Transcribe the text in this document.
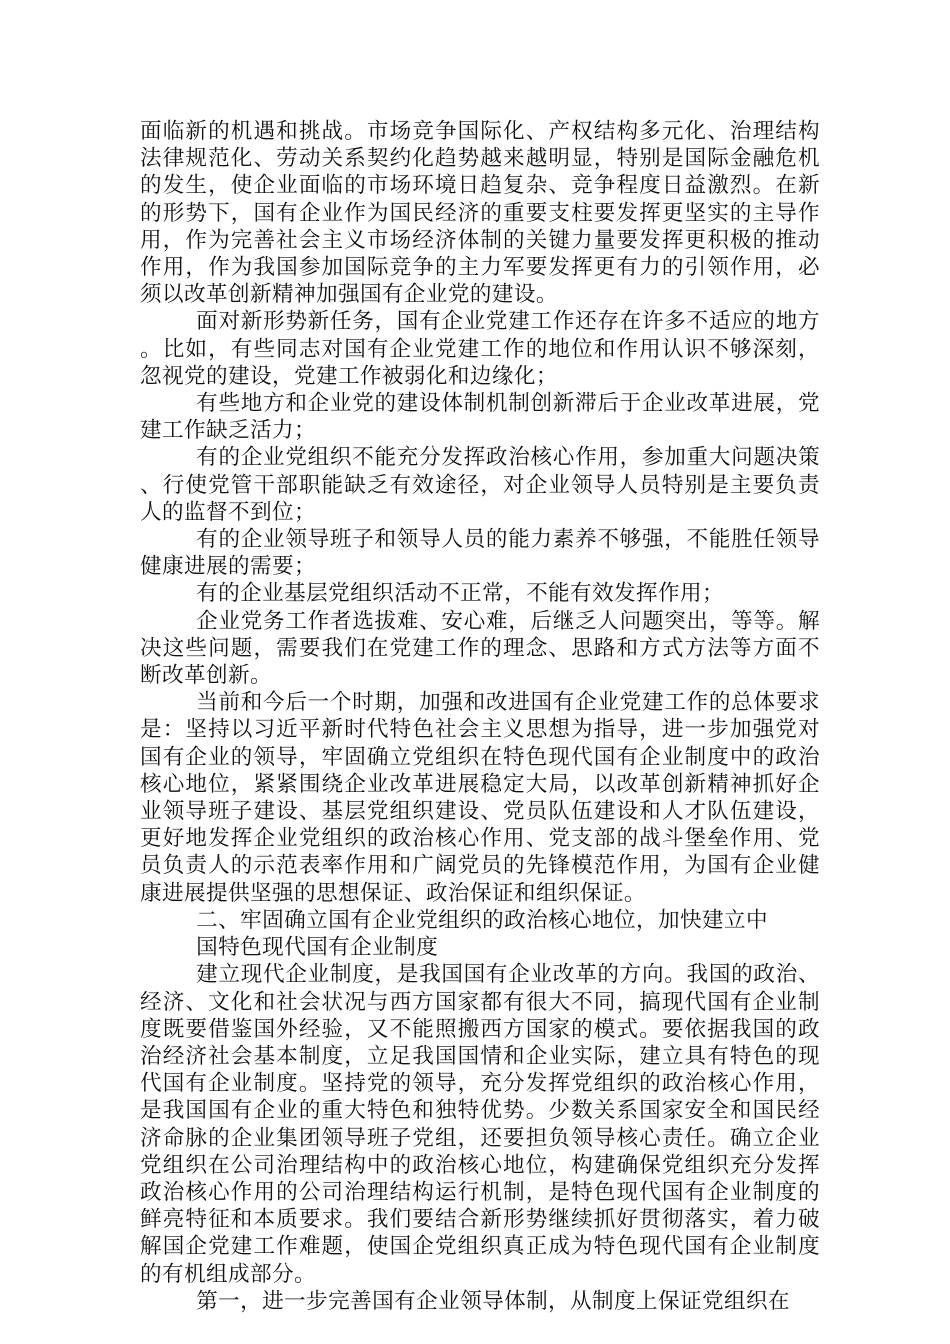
面临新的机遇和挑战。市场竞争国际化、产权结构多元化、治理结构法律规范化、劳动关系契约化趋势越来越明显，特别是国际金融危机的发生，使企业面临的市场环境日趋复杂、竞争程度日益激烈。在新的形势下，国有企业作为国民经济的重要支柱要发挥更坚实的主导作用，作为完善社会主义市场经济体制的关键力量要发挥更积极的推动作用，作为我国参加国际竞争的主力军要发挥更有力的引领作用，必须以改革创新精神加强国有企业党的建设。

面对新形势新任务，国有企业党建工作还存在许多不适应的地方。比如，有些同志对国有企业党建工作的地位和作用认识不够深刻，忽视党的建设，党建工作被弱化和边缘化；

有些地方和企业党的建设体制机制创新滞后于企业改革进展，党建工作缺乏活力；

有的企业党组织不能充分发挥政治核心作用，参加重大问题决策、行使党管干部职能缺乏有效途径，对企业领导人员特别是主要负责人的监督不到位；

有的企业领导班子和领导人员的能力素养不够强，不能胜任领导健康进展的需要；

有的企业基层党组织活动不正常，不能有效发挥作用；

企业党务工作者选拔难、安心难，后继乏人问题突出，等等。解决这些问题，需要我们在党建工作的理念、思路和方式方法等方面不断改革创新。

当前和今后一个时期，加强和改进国有企业党建工作的总体要求是：坚持以习近平新时代特色社会主义思想为指导，进一步加强党对国有企业的领导，牢固确立党组织在特色现代国有企业制度中的政治核心地位，紧紧围绕企业改革进展稳定大局，以改革创新精神抓好企业领导班子建设、基层党组织建设、党员队伍建设和人才队伍建设，更好地发挥企业党组织的政治核心作用、党支部的战斗堡垒作用、党员负责人的示范表率作用和广阔党员的先锋模范作用，为国有企业健康进展提供坚强的思想保证、政治保证和组织保证。

二、牢固确立国有企业党组织的政治核心地位，加快建立中
国特色现代国有企业制度

建立现代企业制度，是我国国有企业改革的方向。我国的政治、经济、文化和社会状况与西方国家都有很大不同，搞现代国有企业制度既要借鉴国外经验，又不能照搬西方国家的模式。要依据我国的政治经济社会基本制度，立足我国国情和企业实际，建立具有特色的现代国有企业制度。坚持党的领导，充分发挥党组织的政治核心作用，是我国国有企业的重大特色和独特优势。少数关系国家安全和国民经济命脉的企业集团领导班子党组，还要担负领导核心责任。确立企业党组织在公司治理结构中的政治核心地位，构建确保党组织充分发挥政治核心作用的公司治理结构运行机制，是特色现代国有企业制度的鲜亮特征和本质要求。我们要结合新形势继续抓好贯彻落实，着力破解国企党建工作难题，使国企党组织真正成为特色现代国有企业制度的有机组成部分。

第一，进一步完善国有企业领导体制，从制度上保证党组织在
